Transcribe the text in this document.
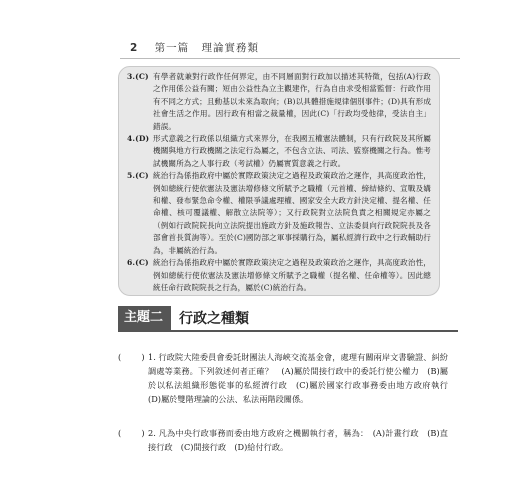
2 第一篇 理論實務類
3.(C) 有學者就兼對行政作任何界定，由不同層面對行政加以描述其特徵，包括(A)行政之作用係公益有關；短由公益性為立主觀建作，行為自由求受相當監督：行政作用有不同之方式；且動基以未來為取向；(B)以具體措施規律個別事件；(D)具有形成社會生活之作用。因行政有相當之裁量權，因此(C)「行政均受他律，受法自主」錯誤。
4.(D) 形式意義之行政係以組織方式來界分，在我國五權憲法體制，只有行政院及其所屬機關與地方行政機關之法定行為屬之，不包含立法、司法、監察機關之行為。惟考試機關所為之人事行政（考試權）仍屬實質意義之行政。
5.(C) 統治行為係指政府中屬於實際政策決定之過程及政策政治之運作，具高度政治性，例如總統行使依憲法及憲法增修條文所賦予之職權（元首權、締結條約、宣戰及媾和權、發布緊急命令權、權限爭議處理權、國家安全大政方針決定權、提名權、任命權、核可覆議權、解散立法院等）；又行政院對立法院負責之相關規定亦屬之（例如行政院院長向立法院提出施政方針及施政報告、立法委員向行政院院長及各部會首長質詢等）。至於(C)國防部之軍事採購行為，屬私經濟行政中之行政輔助行為，非屬統治行為。
6.(C) 統治行為係指政府中屬於實際政策決定之過程及政策政治之運作，具高度政治性，例如總統行使依憲法及憲法增修條文所賦予之職權（提名權、任命權等）。因此總統任命行政院院長之行為，屬於(C)統治行為。
主題二	行政之種類
(　)
1. 行政院大陸委員會委託財團法人海峽交流基金會，處理有關兩岸文書驗證、糾紛調處等業務。下列敘述何者正確？　(A)屬於間接行政中的委託行使公權力　(B)屬於以私法組織形態從事的私經濟行政　(C)屬於國家行政事務委由地方政府執行　(D)屬於雙階理論的公法、私法兩階段關係。
(　)
2. 凡為中央行政事務而委由地方政府之機關執行者，稱為：　(A)計畫行政　(B)直接行政　(C)間接行政　(D)給付行政。
